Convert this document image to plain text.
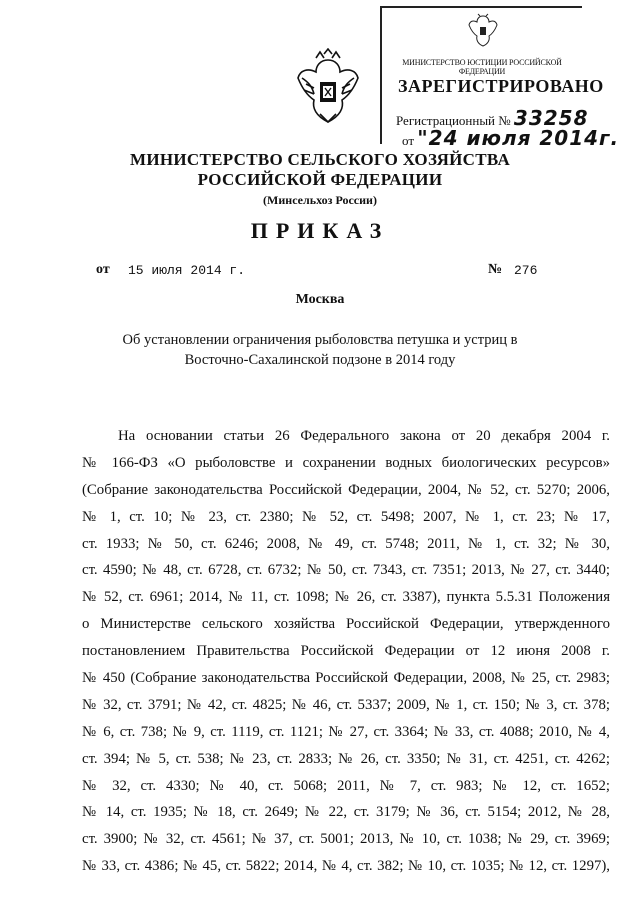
МИНИСТЕРСТВО ЮСТИЦИИ РОССИЙСКОЙ ФЕДЕРАЦИИ
ЗАРЕГИСТРИРОВАНО
Регистрационный № 33258
от "24 июля 2014г.
МИНИСТЕРСТВО СЕЛЬСКОГО ХОЗЯЙСТВА
РОССИЙСКОЙ ФЕДЕРАЦИИ
(Минсельхоз России)
ПРИКАЗ
от 15 июля 2014 г.	№ 276
Москва
Об установлении ограничения рыболовства петушка и устриц в
Восточно-Сахалинской подзоне в 2014 году
На основании статьи 26 Федерального закона от 20 декабря 2004 г.
№ 166-ФЗ «О рыболовстве и сохранении водных биологических ресурсов»
(Собрание законодательства Российской Федерации, 2004, № 52, ст. 5270; 2006,
№ 1, ст. 10; № 23, ст. 2380; № 52, ст. 5498; 2007, № 1, ст. 23; № 17,
ст. 1933; № 50, ст. 6246; 2008, № 49, ст. 5748; 2011, № 1, ст. 32; № 30,
ст. 4590; № 48, ст. 6728, ст. 6732; № 50, ст. 7343, ст. 7351; 2013, № 27, ст. 3440;
№ 52, ст. 6961; 2014, № 11, ст. 1098; № 26, ст. 3387), пункта 5.5.31 Положения
о Министерстве сельского хозяйства Российской Федерации, утвержденного
постановлением Правительства Российской Федерации от 12 июня 2008 г.
№ 450 (Собрание законодательства Российской Федерации, 2008, № 25, ст. 2983;
№ 32, ст. 3791; № 42, ст. 4825; № 46, ст. 5337; 2009, № 1, ст. 150; № 3, ст. 378;
№ 6, ст. 738; № 9, ст. 1119, ст. 1121; № 27, ст. 3364; № 33, ст. 4088; 2010, № 4,
ст. 394; № 5, ст. 538; № 23, ст. 2833; № 26, ст. 3350; № 31, ст. 4251, ст. 4262;
№ 32, ст. 4330; № 40, ст. 5068; 2011, № 7, ст. 983; № 12, ст. 1652;
№ 14, ст. 1935; № 18, ст. 2649; № 22, ст. 3179; № 36, ст. 5154; 2012, № 28,
ст. 3900; № 32, ст. 4561; № 37, ст. 5001; 2013, № 10, ст. 1038; № 29, ст. 3969;
№ 33, ст. 4386; № 45, ст. 5822; 2014, № 4, ст. 382; № 10, ст. 1035; № 12, ст. 1297),
